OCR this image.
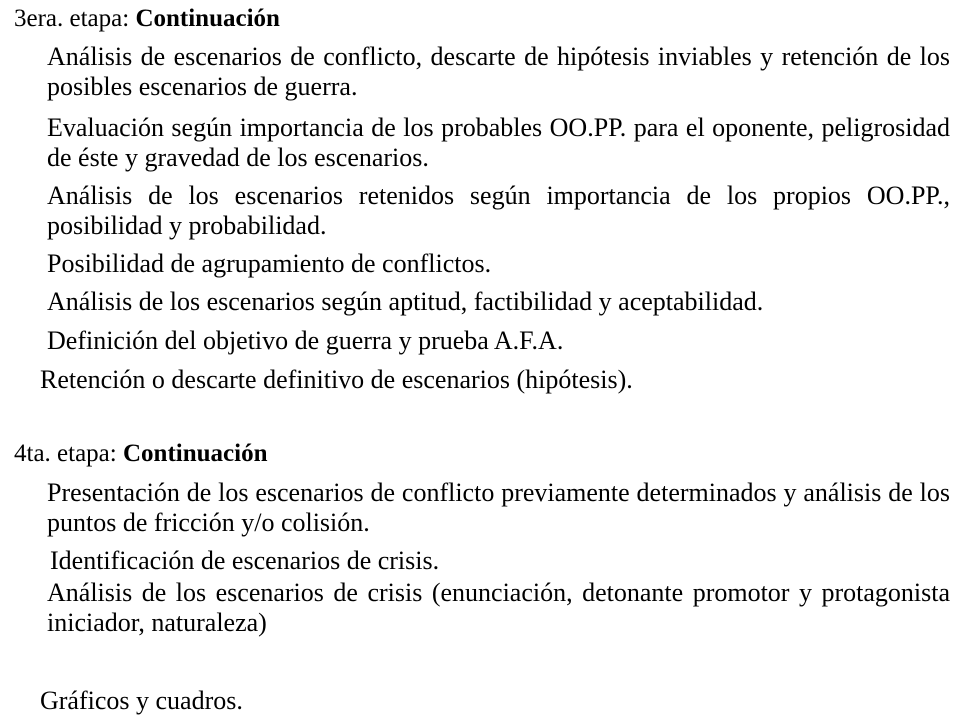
3era. etapa: Continuación

Análisis de escenarios de conflicto, descarte de hipótesis inviables y retención de los posibles escenarios de guerra.

Evaluación según importancia de los probables OO.PP. para el oponente, peligrosidad de éste y gravedad de los escenarios.

Análisis de los escenarios retenidos según importancia de los propios OO.PP., posibilidad y probabilidad.

Posibilidad de agrupamiento de conflictos.

Análisis de los escenarios según aptitud, factibilidad y aceptabilidad.

Definición del objetivo de guerra y prueba A.F.A.

Retención o descarte definitivo de escenarios (hipótesis).

4ta. etapa: Continuación

Presentación de los escenarios de conflicto previamente determinados y análisis de los puntos de fricción y/o colisión.

Identificación de escenarios de crisis.

Análisis de los escenarios de crisis (enunciación, detonante promotor y protagonista iniciador, naturaleza)

Gráficos y cuadros.
